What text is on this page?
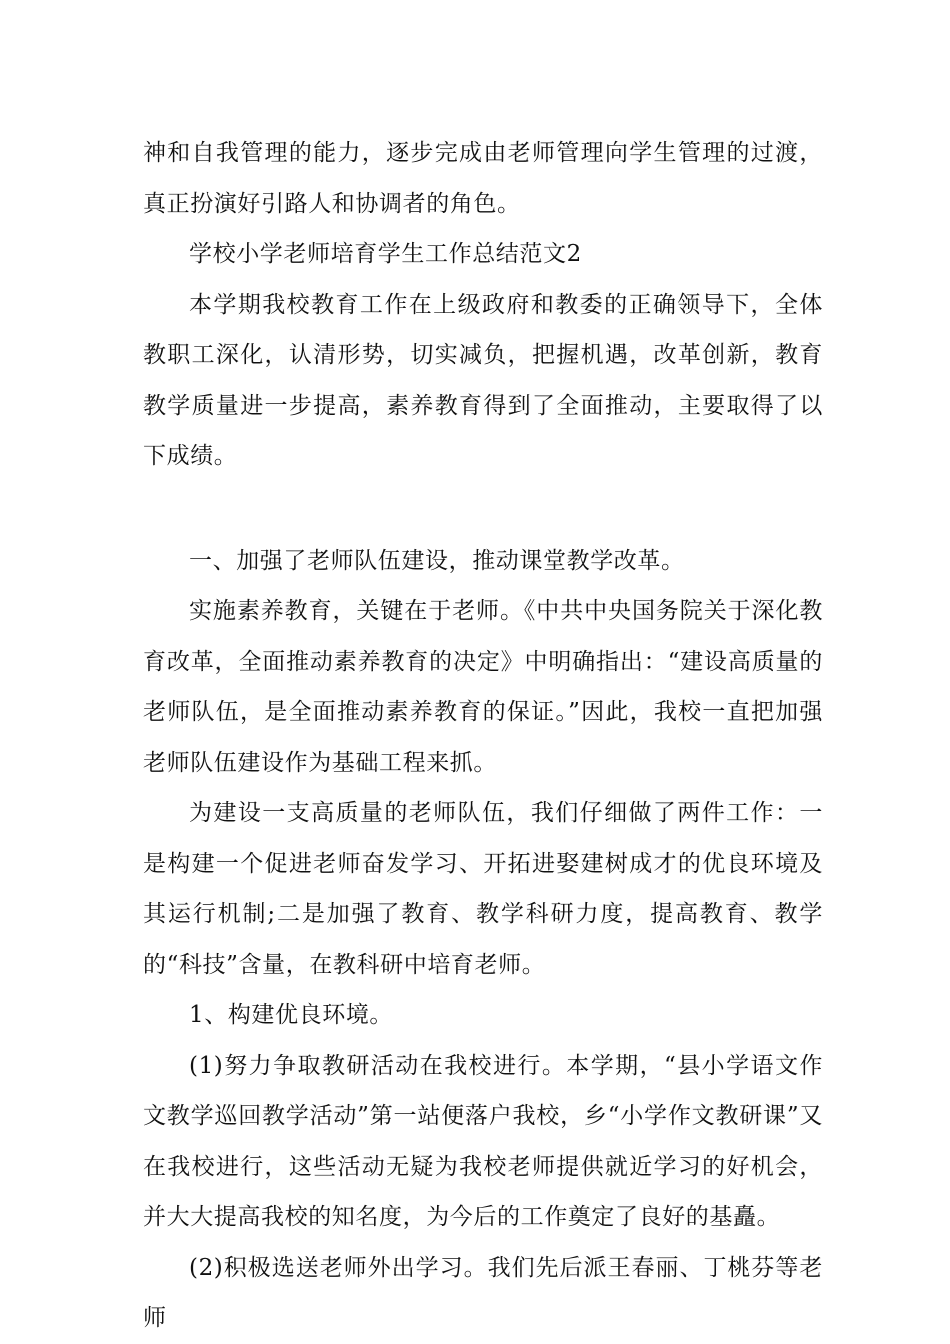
神和自我管理的能力，逐步完成由老师管理向学生管理的过渡，真正扮演好引路人和协调者的角色。

学校小学老师培育学生工作总结范文2

本学期我校教育工作在上级政府和教委的正确领导下，全体教职工深化，认清形势，切实减负，把握机遇，改革创新，教育教学质量进一步提高，素养教育得到了全面推动，主要取得了以下成绩。

一、加强了老师队伍建设，推动课堂教学改革。

实施素养教育，关键在于老师。《中共中央国务院关于深化教育改革，全面推动素养教育的决定》中明确指出：“建设高质量的老师队伍，是全面推动素养教育的保证。”因此，我校一直把加强老师队伍建设作为基础工程来抓。

为建设一支高质量的老师队伍，我们仔细做了两件工作：一是构建一个促进老师奋发学习、开拓进娶建树成才的优良环境及其运行机制;二是加强了教育、教学科研力度，提高教育、教学的“科技”含量，在教科研中培育老师。

1、构建优良环境。

(1)努力争取教研活动在我校进行。本学期，“县小学语文作文教学巡回教学活动”第一站便落户我校，乡“小学作文教研课”又在我校进行，这些活动无疑为我校老师提供就近学习的好机会，并大大提高我校的知名度，为今后的工作奠定了良好的基矗。

(2)积极选送老师外出学习。我们先后派王春丽、丁桃芬等老师
